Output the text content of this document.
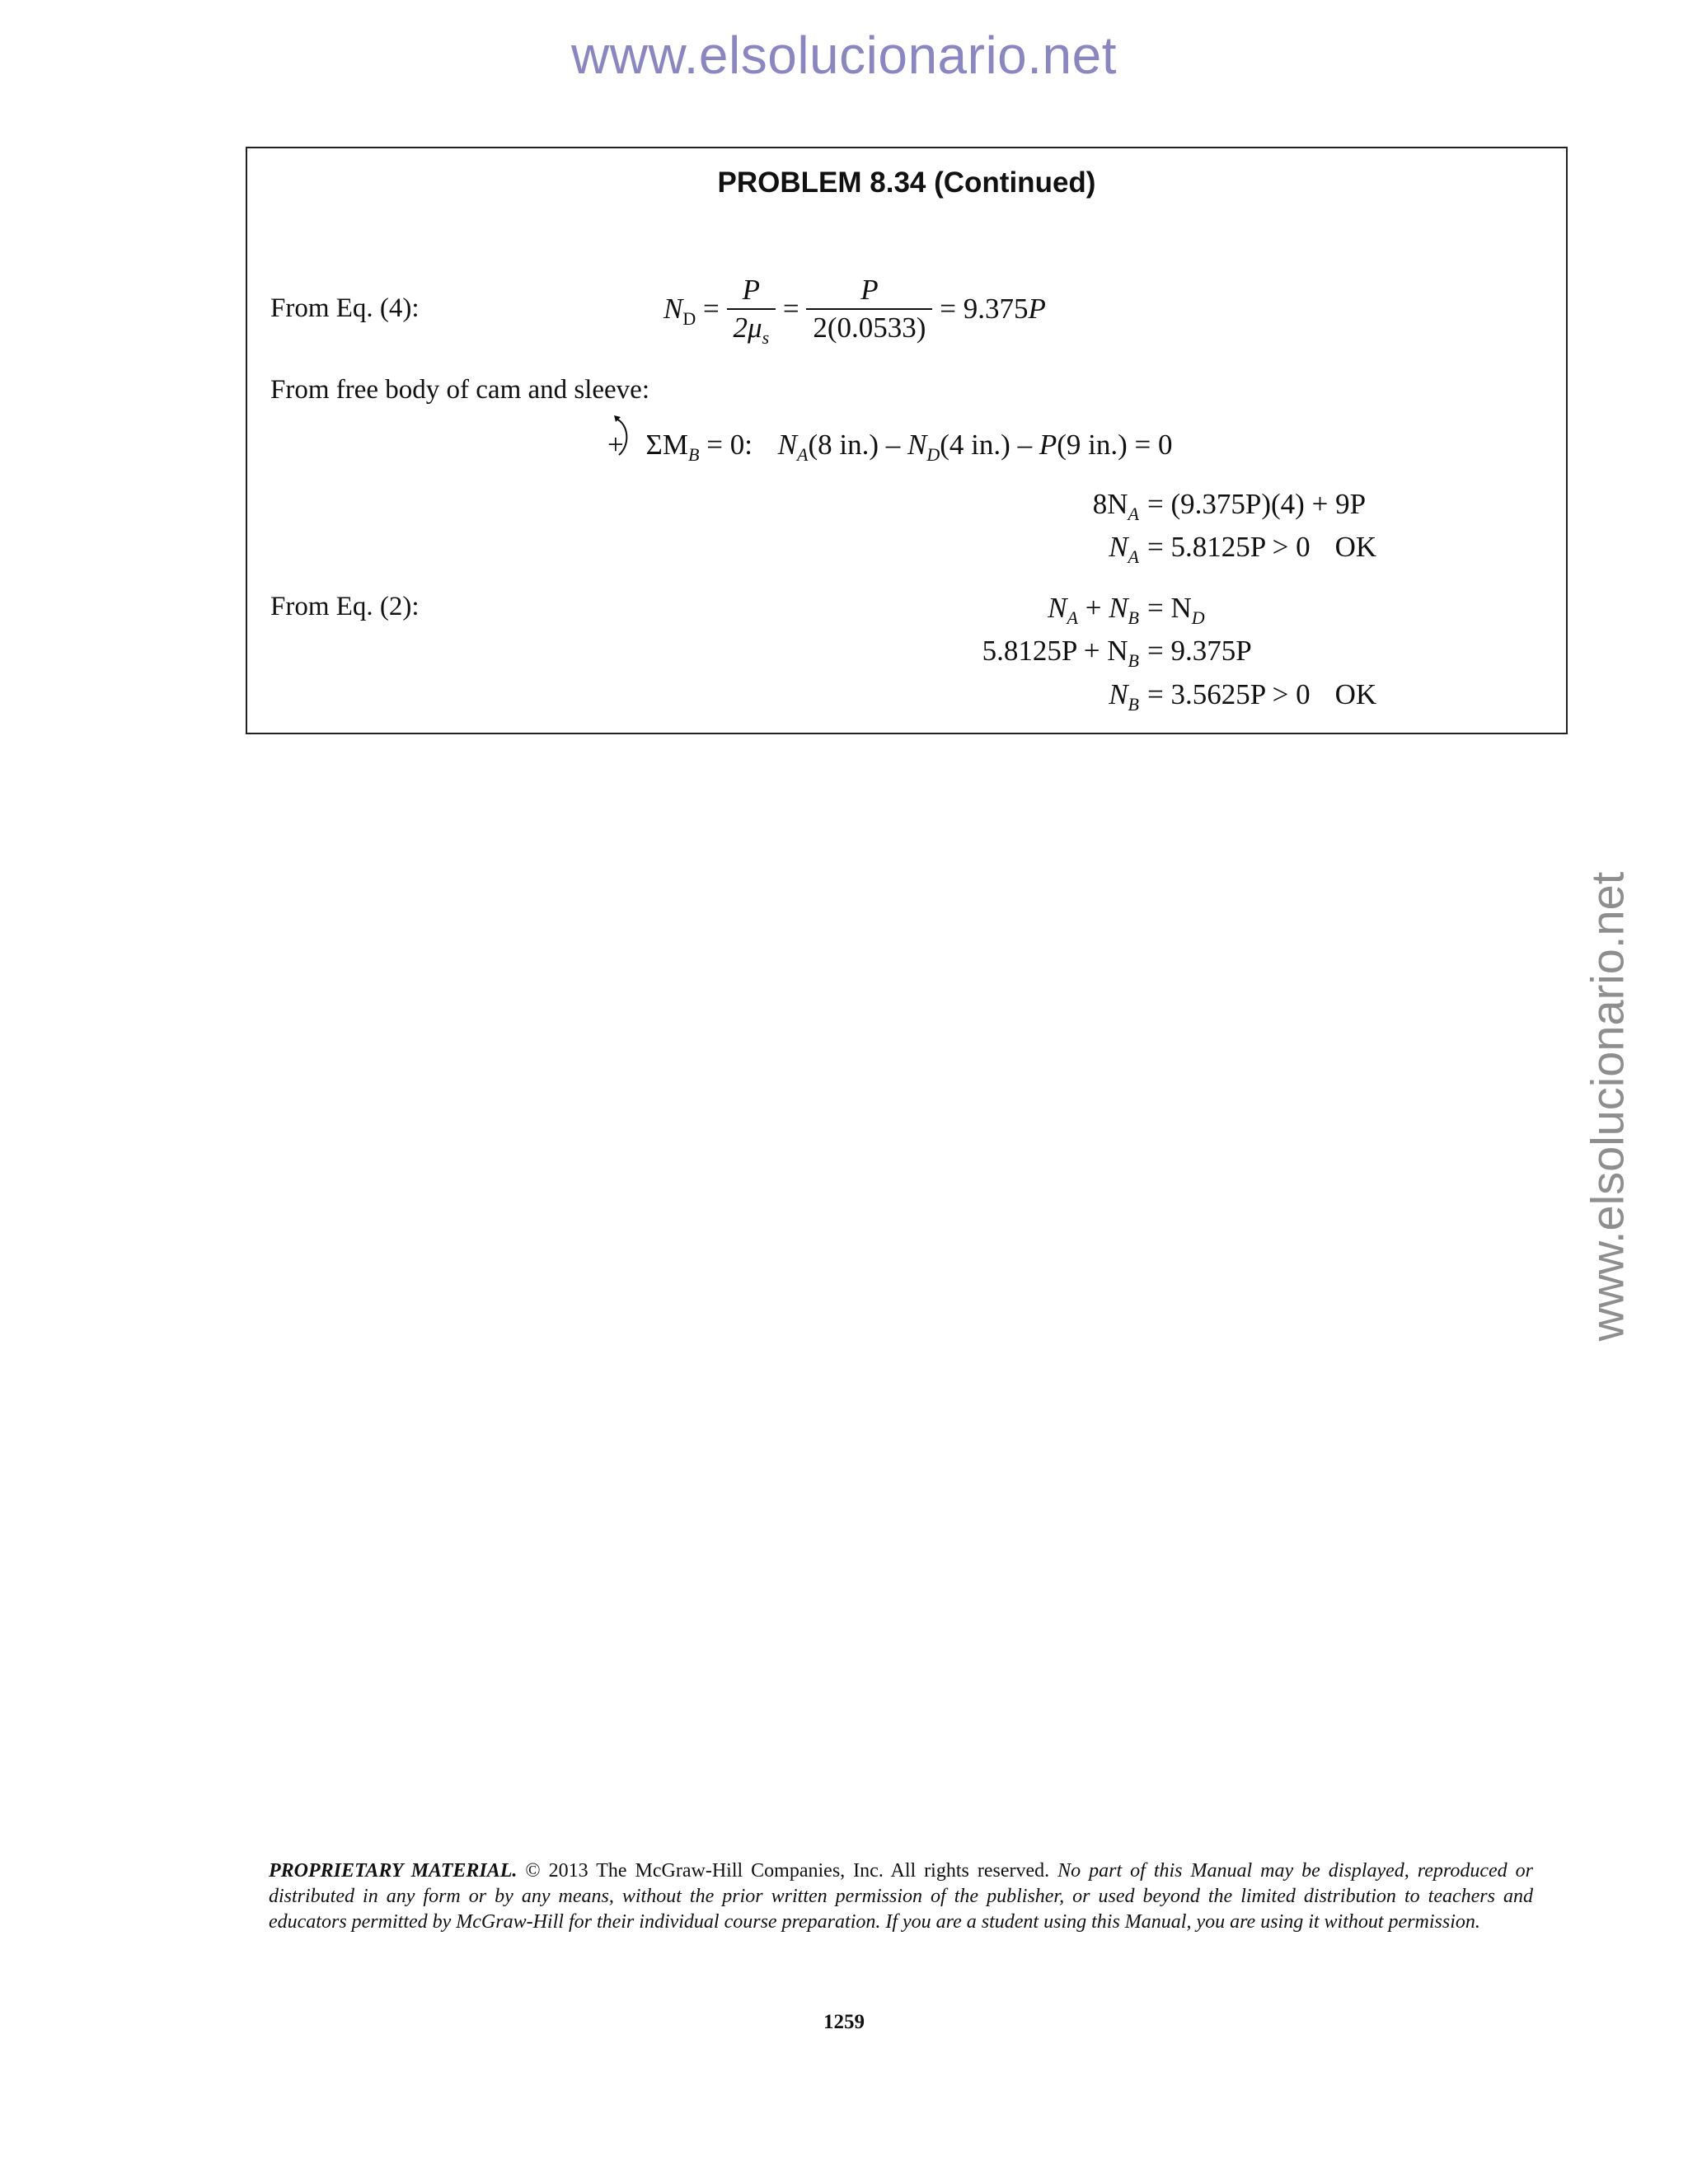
www.elsolucionario.net
www.elsolucionario.net
PROBLEM 8.34 (Continued)
From Eq. (4):	$N_D = \frac{P}{2\mu_s} = \frac{P}{2(0.0533)} = 9.375P$
From free body of cam and sleeve:
+ $\Sigma M_B = 0$: $N_A(8$ $in.) - N_D(4$ in.) – P(9 in.) = 0
$8N_A = (9.375P)(4) + 9P$
$N_A = 5.8125P > 0$ OK
From Eq. (2):	$N_A + N_B = N_D$
$5.8125P + N_B = 9.375P$
$N_B = 3.5625P > 0$ OK
PROPRIETARY MATERIAL. © 2013 The McGraw-Hill Companies, Inc. All rights reserved. No part of this Manual may be displayed, reproduced or distributed in any form or by any means, without the prior written permission of the publisher, or used beyond the limited distribution to teachers and educators permitted by McGraw-Hill for their individual course preparation. If you are a student using this Manual, you are using it without permission.
1259
